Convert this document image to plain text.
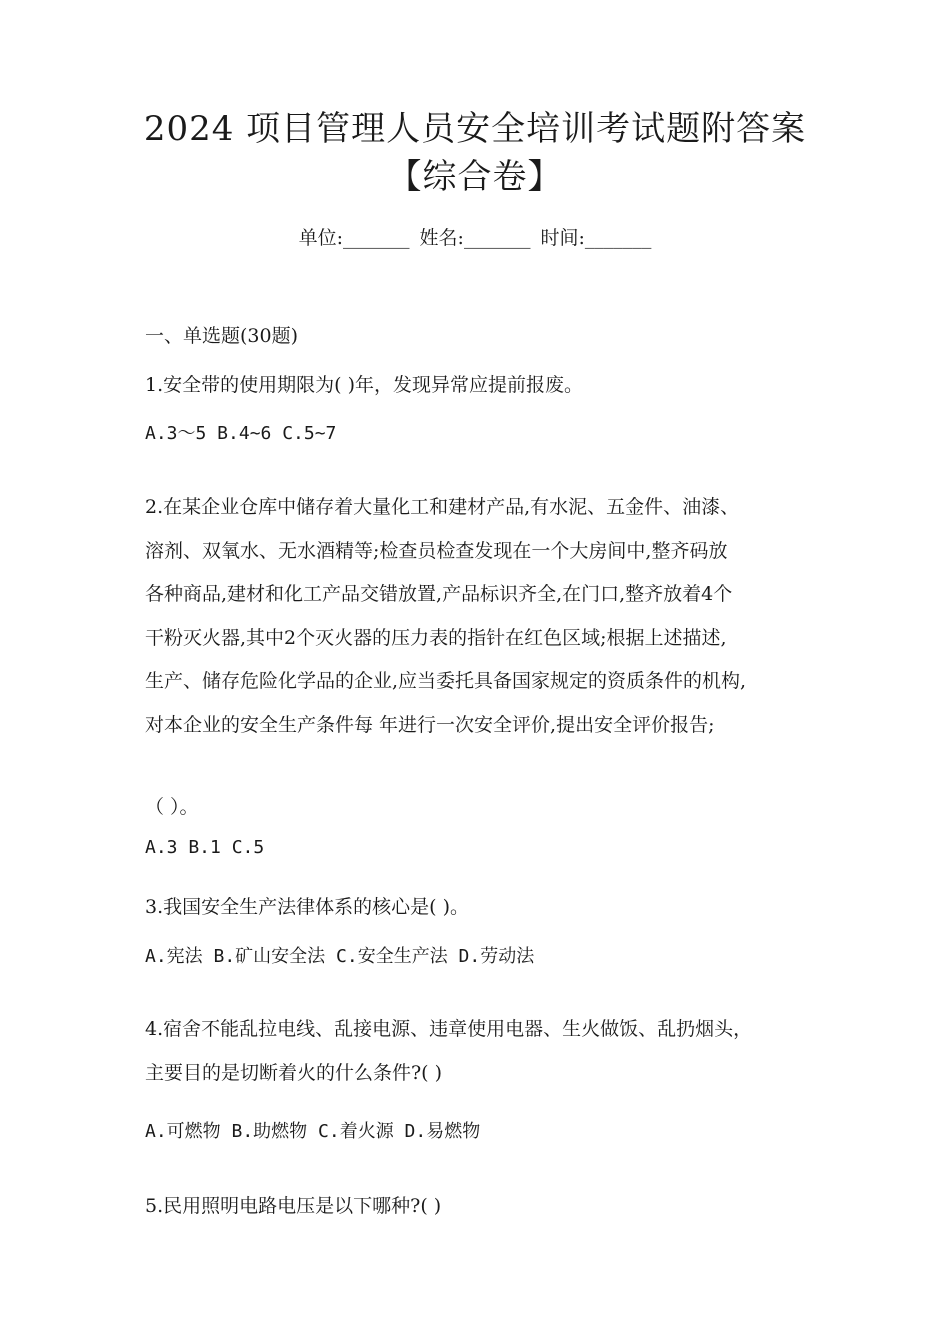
2024 项目管理人员安全培训考试题附答案
【综合卷】
单位:_______ 姓名:_______ 时间:_______
一、单选题(30题)
1.安全带的使用期限为( )年，发现异常应提前报废。
A.3～5 B.4~6 C.5~7
2.在某企业仓库中储存着大量化工和建材产品,有水泥、五金件、油漆、
溶剂、双氧水、无水酒精等;检查员检查发现在一个大房间中,整齐码放
各种商品,建材和化工产品交错放置,产品标识齐全,在门口,整齐放着4个
干粉灭火器,其中2个灭火器的压力表的指针在红色区域;根据上述描述,
生产、储存危险化学品的企业,应当委托具备国家规定的资质条件的机构,
对本企业的安全生产条件每 年进行一次安全评价,提出安全评价报告;
（ ）。
A.3 B.1 C.5
3.我国安全生产法律体系的核心是( )。
A.宪法 B.矿山安全法 C.安全生产法 D.劳动法
4.宿舍不能乱拉电线、乱接电源、违章使用电器、生火做饭、乱扔烟头，
主要目的是切断着火的什么条件?( )
A.可燃物 B.助燃物 C.着火源 D.易燃物
5.民用照明电路电压是以下哪种?( )
